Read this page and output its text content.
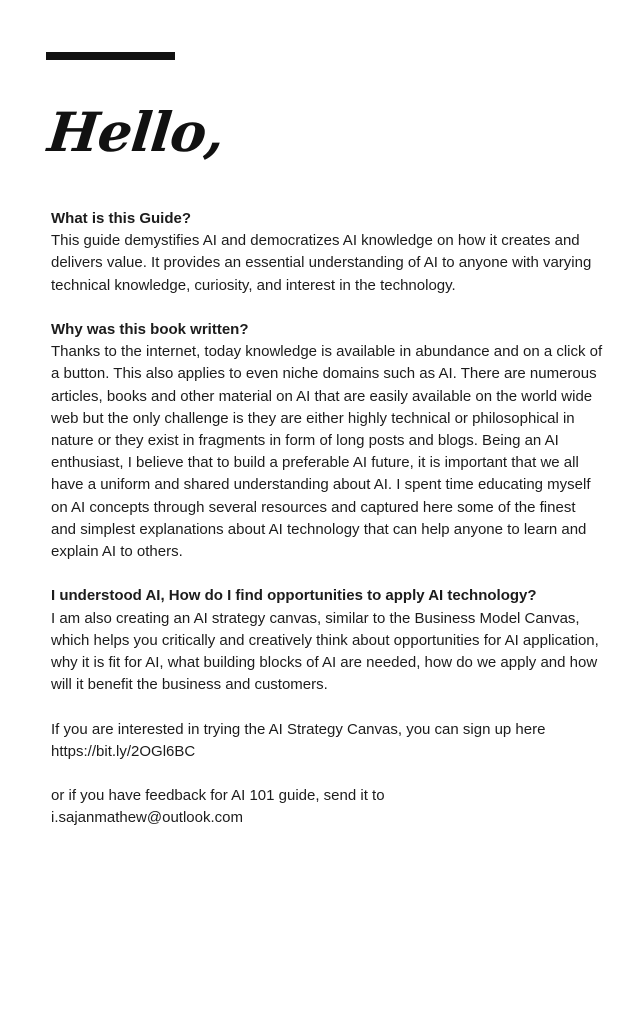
Hello,
What is this Guide?

This guide demystifies AI and democratizes AI knowledge on how it creates and delivers value. It provides an essential understanding of AI to anyone with varying technical knowledge, curiosity, and interest in the technology.

Why was this book written?

Thanks to the internet, today knowledge is available in abundance and on a click of a button. This also applies to even niche domains such as AI. There are numerous articles, books and other material on AI that are easily available on the world wide web but the only challenge is they are either highly technical or philosophical in nature or they exist in fragments in form of long posts and blogs. Being an AI enthusiast, I believe that to build a preferable AI future, it is important that we all have a uniform and shared understanding about AI. I spent time educating myself on AI concepts through several resources and captured here some of the finest and simplest explanations about AI technology that can help anyone to learn and explain AI to others.

I understood AI, How do I find opportunities to apply AI technology?

I am also creating an AI strategy canvas, similar to the Business Model Canvas, which helps you critically and creatively think about opportunities for AI application, why it is fit for AI, what building blocks of AI are needed, how do we apply and how will it benefit the business and customers.

If you are interested in trying the AI Strategy Canvas, you can sign up here
https://bit.ly/2OGl6BC
or if you have feedback for AI 101 guide, send it to
i.sajanmathew@outlook.com
